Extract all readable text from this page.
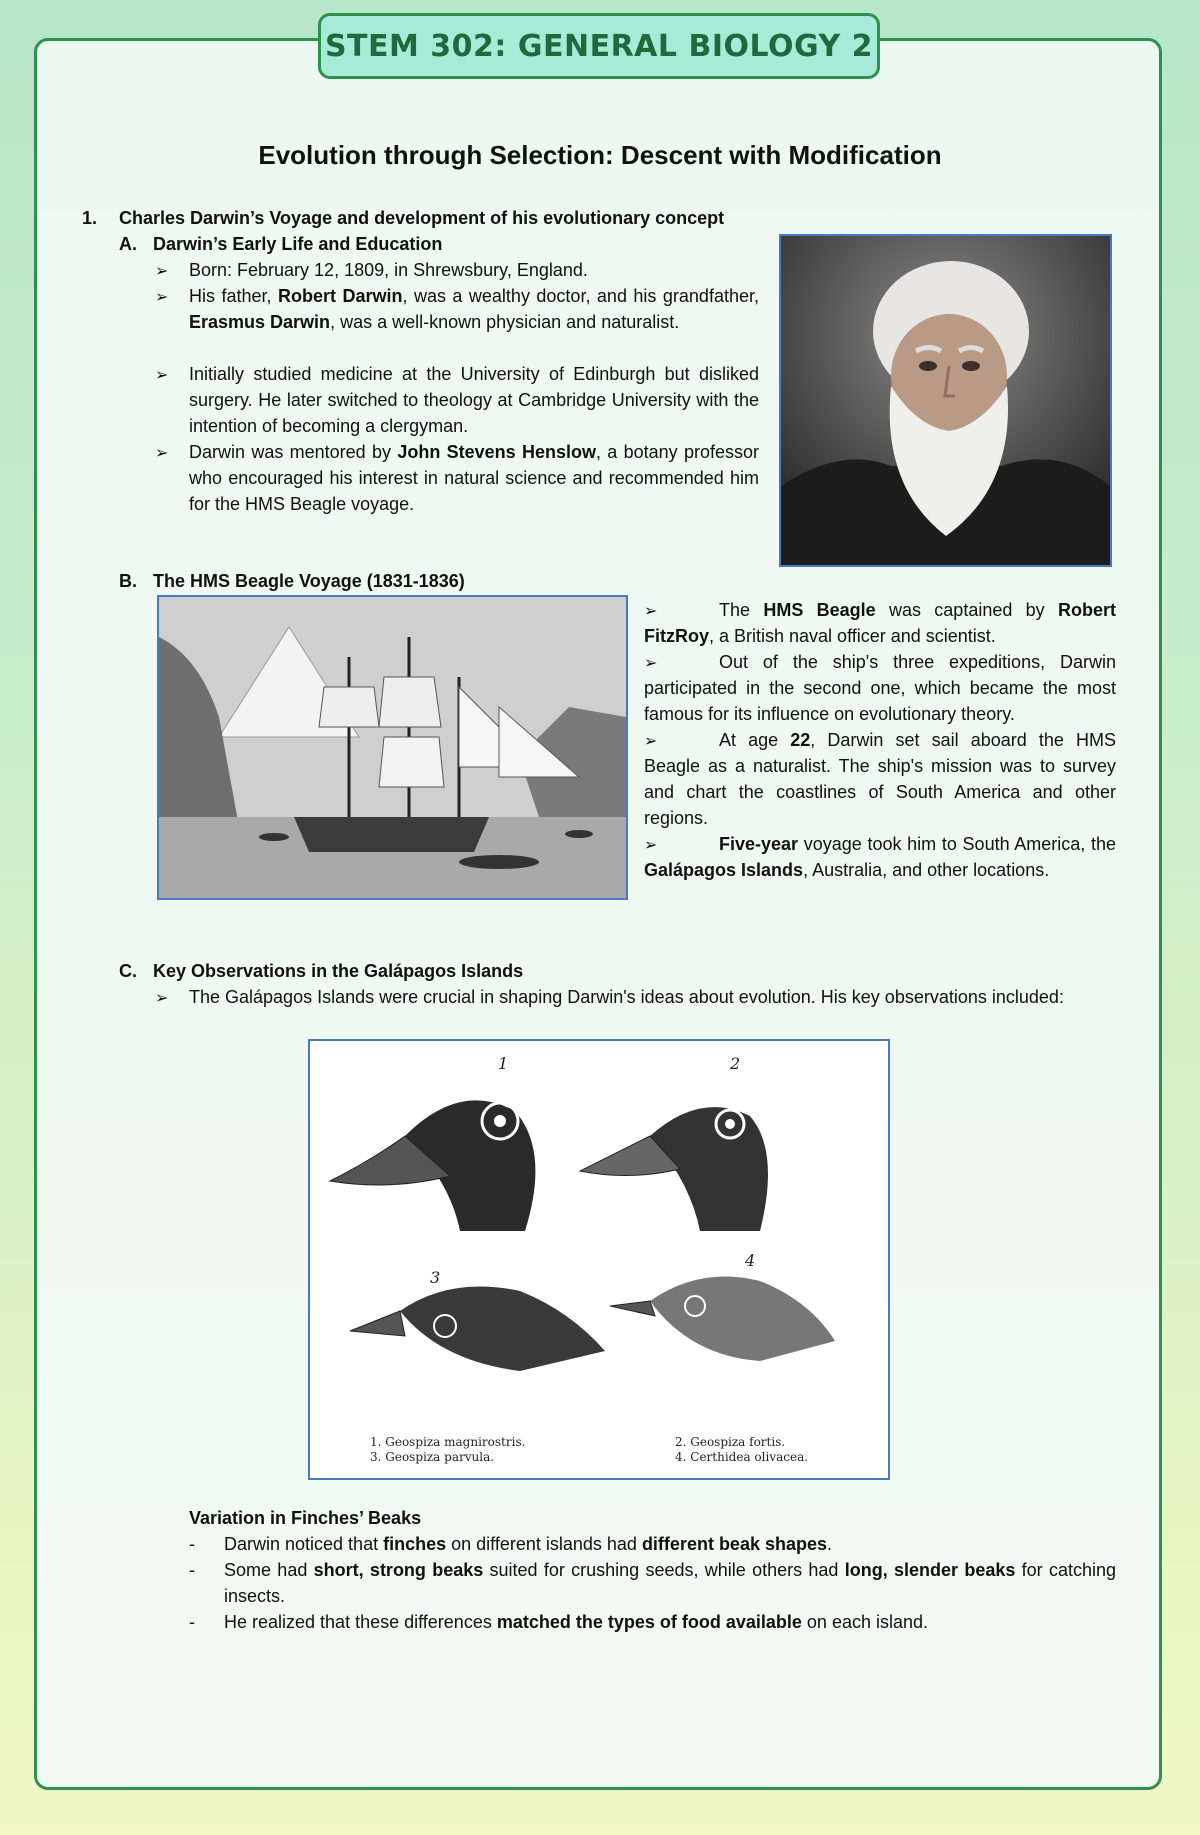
STEM 302: GENERAL BIOLOGY 2
Evolution through Selection: Descent with Modification
1. Charles Darwin’s Voyage and development of his evolutionary concept
A. Darwin’s Early Life and Education
➢ Born: February 12, 1809, in Shrewsbury, England.
➢ His father, Robert Darwin, was a wealthy doctor, and his grandfather, Erasmus Darwin, was a well-known physician and naturalist.
➢ Initially studied medicine at the University of Edinburgh but disliked surgery. He later switched to theology at Cambridge University with the intention of becoming a clergyman.
➢ Darwin was mentored by John Stevens Henslow, a botany professor who encouraged his interest in natural science and recommended him for the HMS Beagle voyage.
B. The HMS Beagle Voyage (1831-1836)
➢	The HMS Beagle was captained by Robert FitzRoy, a British naval officer and scientist.
➢	Out of the ship's three expeditions, Darwin participated in the second one, which became the most famous for its influence on evolutionary theory.
➢	At age 22, Darwin set sail aboard the HMS Beagle as a naturalist. The ship's mission was to survey and chart the coastlines of South America and other regions.
➢	Five-year voyage took him to South America, the Galápagos Islands, Australia, and other locations.
C. Key Observations in the Galápagos Islands
➢ The Galápagos Islands were crucial in shaping Darwin's ideas about evolution. His key observations included:
1	2
3
4
1. Geospiza magnirostris.
3. Geospiza parvula.
2. Geospiza fortis.
4. Certhidea olivacea.
Variation in Finches’ Beaks
- Darwin noticed that finches on different islands had different beak shapes.
- Some had short, strong beaks suited for crushing seeds, while others had long, slender beaks for catching insects.
- He realized that these differences matched the types of food available on each island.
